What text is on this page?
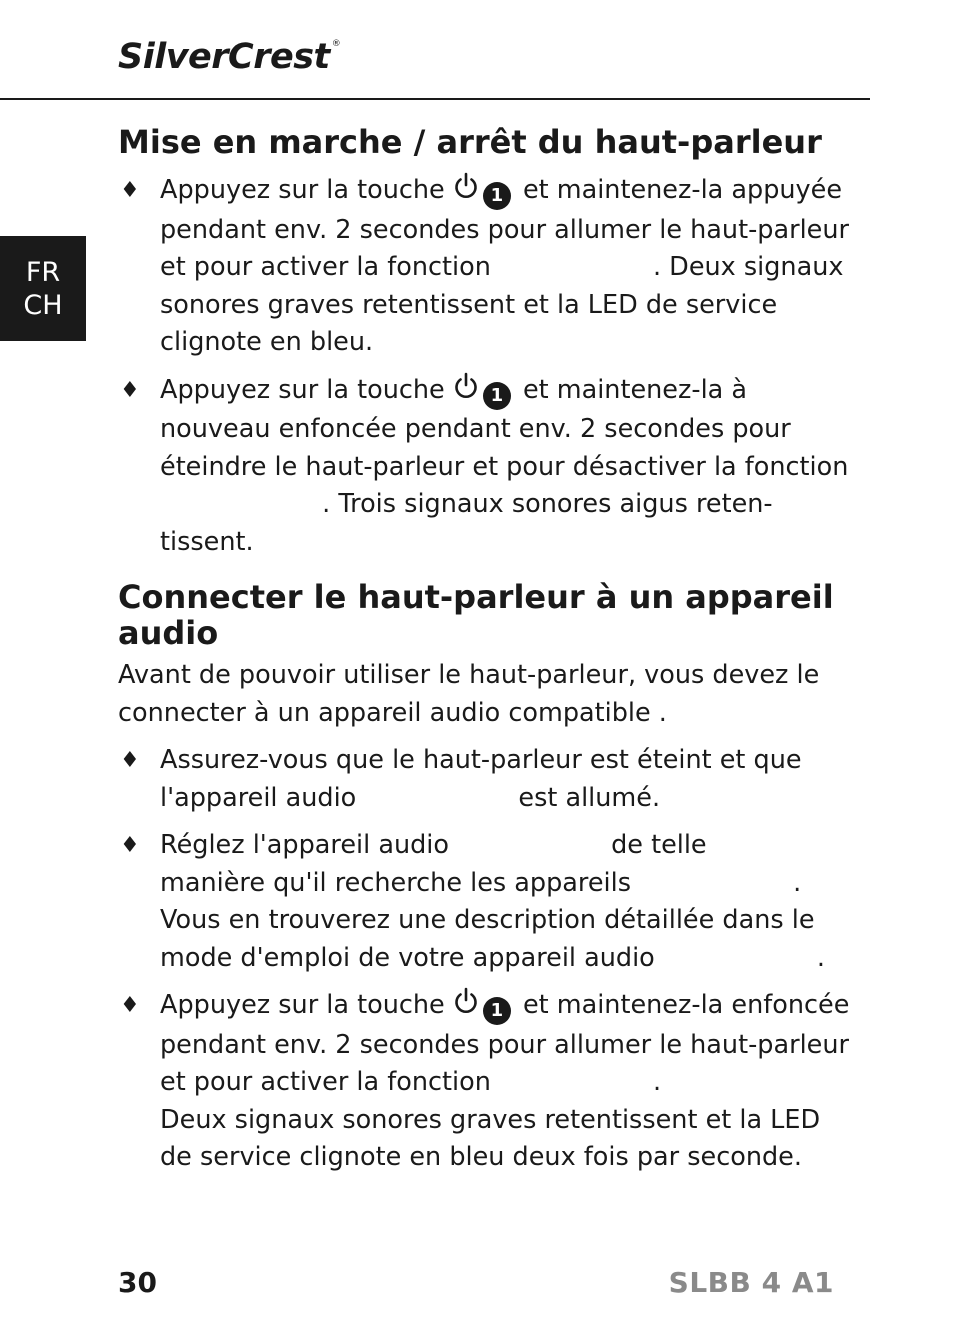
SilverCrest ®
FR
CH
Mise en marche / arrêt du haut-parleur
♦ Appuyez sur la touche 1 et maintenez-la appuyée
pendant env. 2 secondes pour allumer le haut-parleur
et pour activer la fonction                    . Deux signaux
sonores graves retentissent et la LED de service
clignote en bleu.
♦ Appuyez sur la touche 1 et maintenez-la à
nouveau enfoncée pendant env. 2 secondes pour
éteindre le haut-parleur et pour désactiver la fonction
. Trois signaux sonores aigus reten-
tissent.
Connecter le haut-parleur à un appareil audio

Avant de pouvoir utiliser le haut-parleur, vous devez le
connecter à un appareil audio compatible .

♦ Assurez-vous que le haut-parleur est éteint et que
l'appareil audio                    est allumé.
♦ Réglez l'appareil audio                    de telle
manière qu'il recherche les appareils                    .
Vous en trouverez une description détaillée dans le
mode d'emploi de votre appareil audio                    .
♦ Appuyez sur la touche 1 et maintenez-la enfoncée
pendant env. 2 secondes pour allumer le haut-parleur
et pour activer la fonction                    .
Deux signaux sonores graves retentissent et la LED
de service clignote en bleu deux fois par seconde.
30	SLBB 4 A1
